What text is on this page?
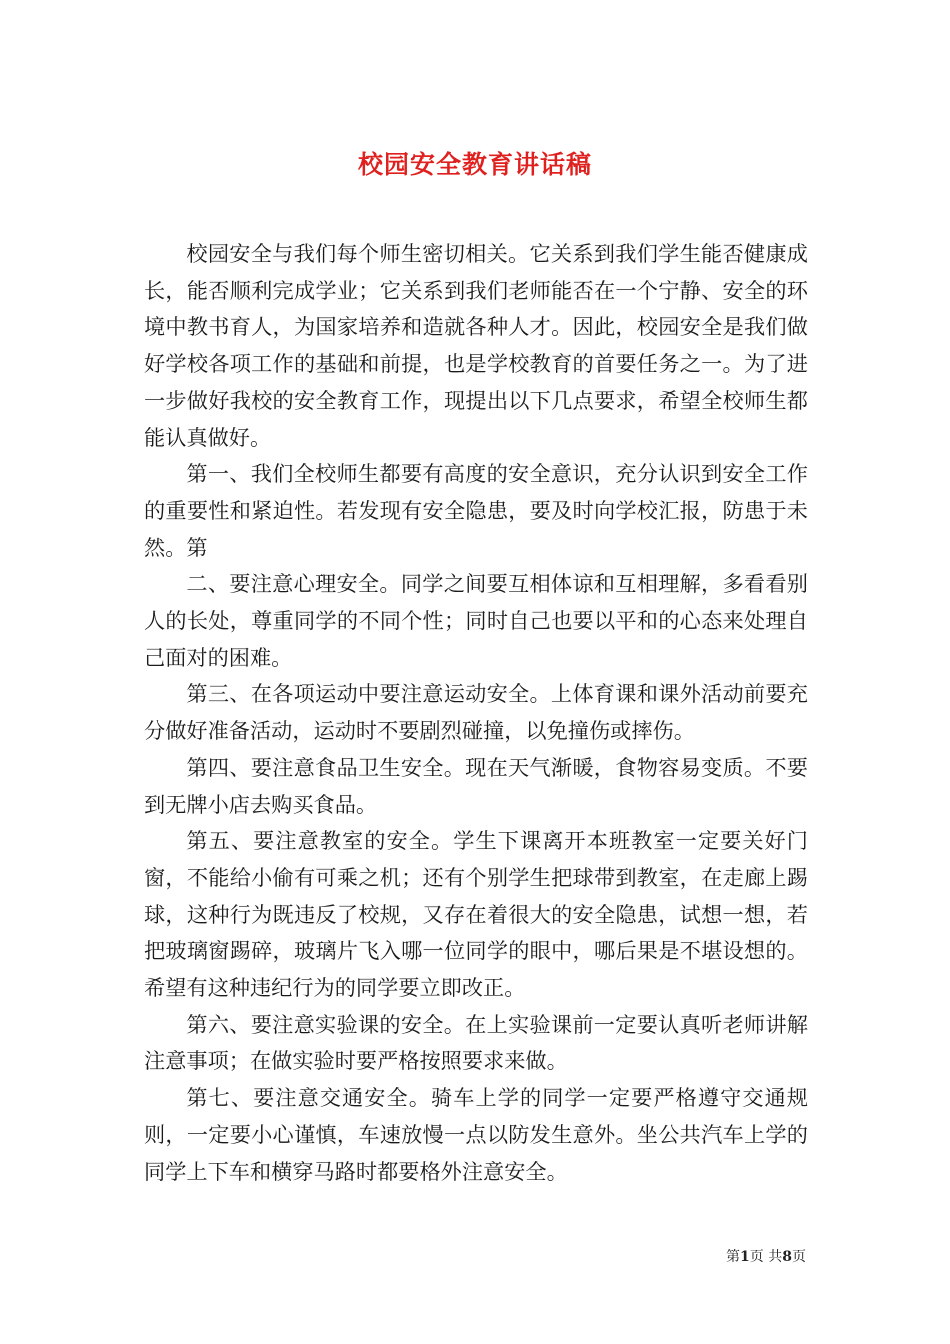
校园安全教育讲话稿

校园安全与我们每个师生密切相关。它关系到我们学生能否健康成长，能否顺利完成学业；它关系到我们老师能否在一个宁静、安全的环境中教书育人，为国家培养和造就各种人才。因此，校园安全是我们做好学校各项工作的基础和前提，也是学校教育的首要任务之一。为了进一步做好我校的安全教育工作，现提出以下几点要求，希望全校师生都能认真做好。

第一、我们全校师生都要有高度的安全意识，充分认识到安全工作的重要性和紧迫性。若发现有安全隐患，要及时向学校汇报，防患于未然。第

二、要注意心理安全。同学之间要互相体谅和互相理解，多看看别人的长处，尊重同学的不同个性；同时自己也要以平和的心态来处理自己面对的困难。

第三、在各项运动中要注意运动安全。上体育课和课外活动前要充分做好准备活动，运动时不要剧烈碰撞，以免撞伤或摔伤。

第四、要注意食品卫生安全。现在天气渐暖，食物容易变质。不要到无牌小店去购买食品。

第五、要注意教室的安全。学生下课离开本班教室一定要关好门窗，不能给小偷有可乘之机；还有个别学生把球带到教室，在走廊上踢球，这种行为既违反了校规，又存在着很大的安全隐患，试想一想，若把玻璃窗踢碎，玻璃片飞入哪一位同学的眼中，哪后果是不堪设想的。希望有这种违纪行为的同学要立即改正。

第六、要注意实验课的安全。在上实验课前一定要认真听老师讲解注意事项；在做实验时要严格按照要求来做。

第七、要注意交通安全。骑车上学的同学一定要严格遵守交通规则，一定要小心谨慎，车速放慢一点以防发生意外。坐公共汽车上学的同学上下车和横穿马路时都要格外注意安全。

第1页 共8页
